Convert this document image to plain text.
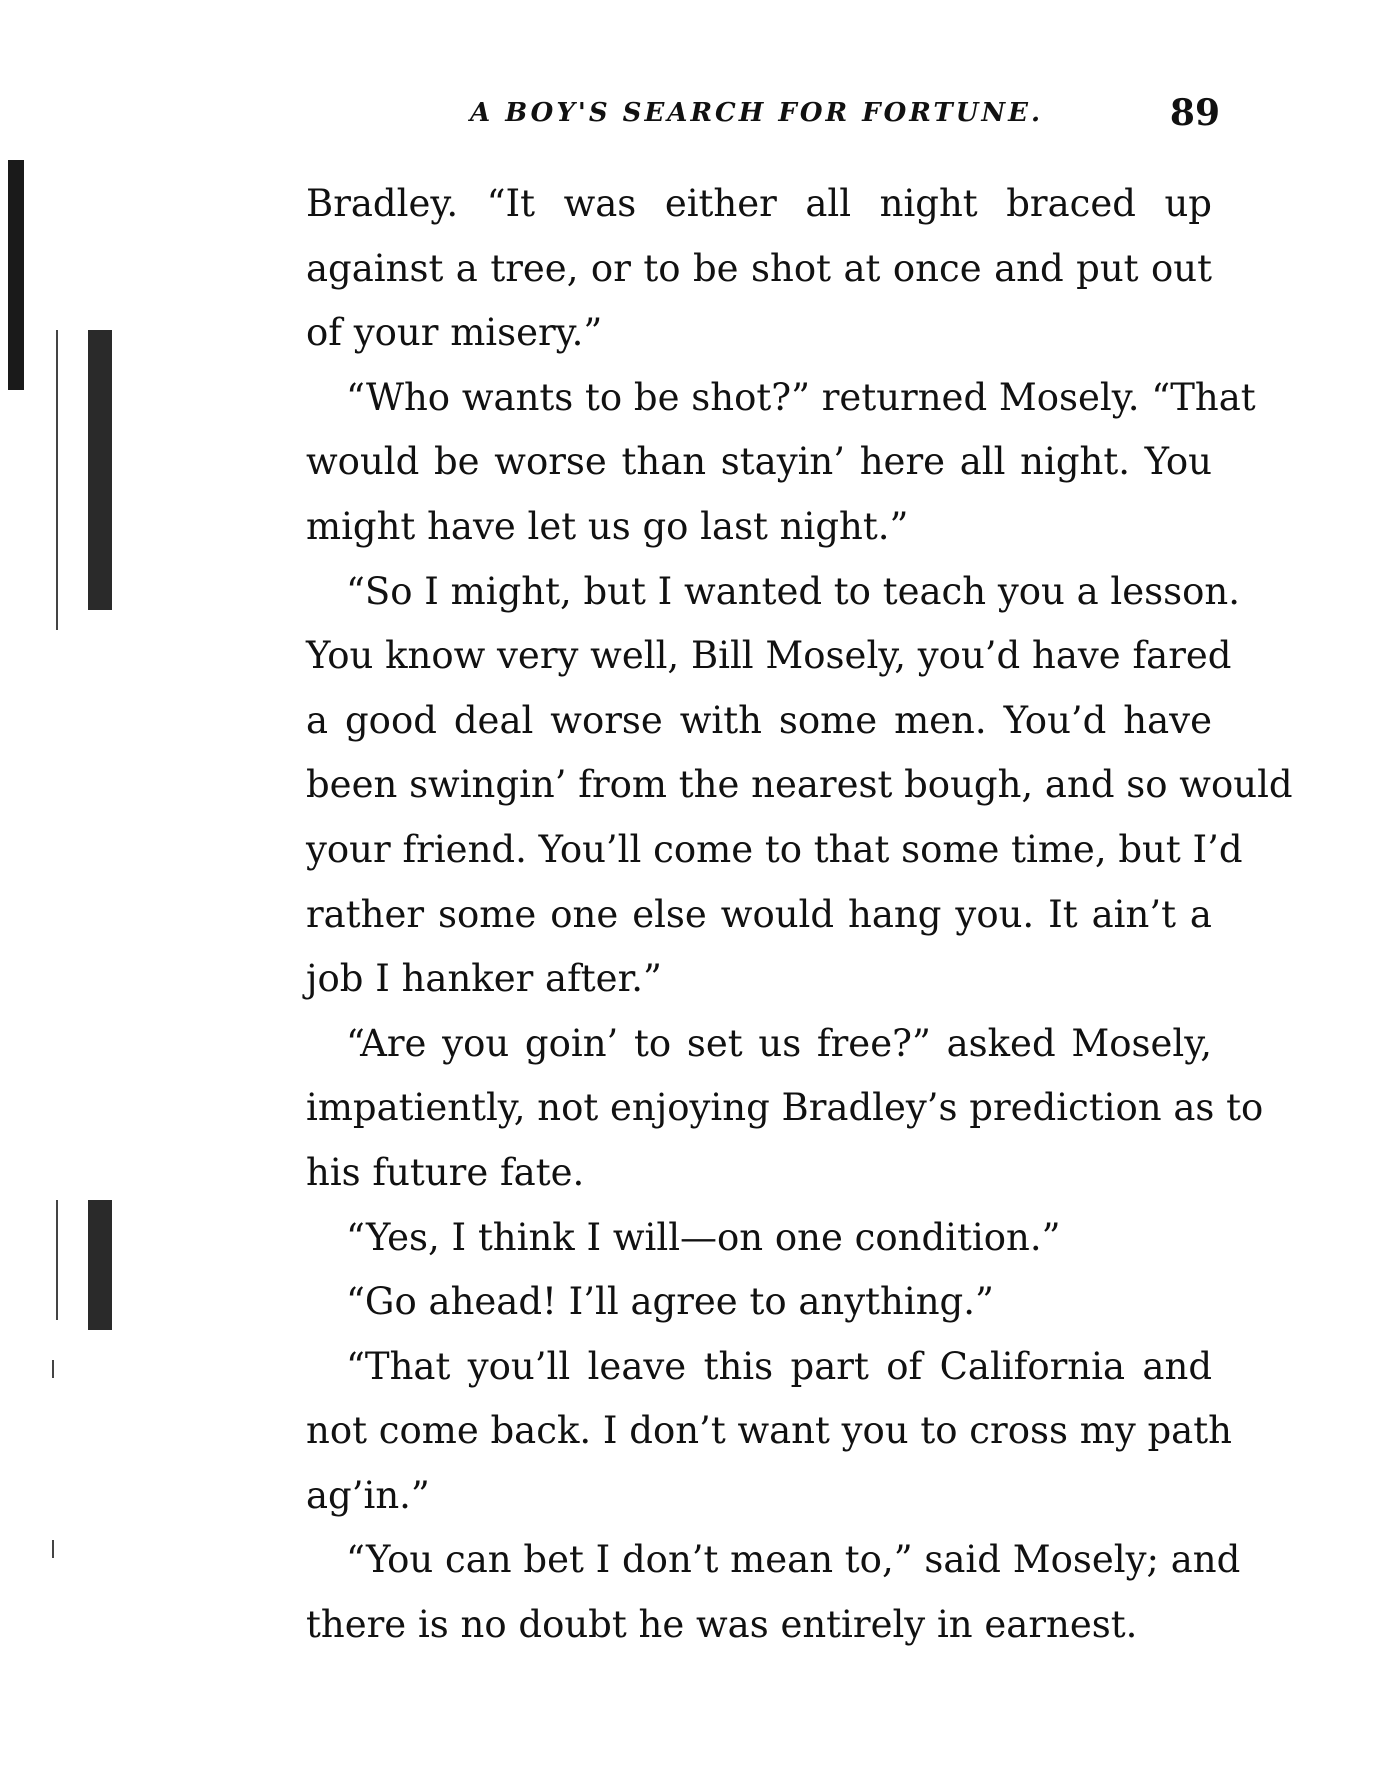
A BOY'S SEARCH FOR FORTUNE.	89
Bradley. “It was either all night braced up
against a tree, or to be shot at once and put out
of your misery.”
“Who wants to be shot?” returned Mosely. “That
would be worse than stayin’ here all night. You
might have let us go last night.”
“So I might, but I wanted to teach you a lesson.
You know very well, Bill Mosely, you’d have fared
a good deal worse with some men. You’d have
been swingin’ from the nearest bough, and so would
your friend. You’ll come to that some time, but I’d
rather some one else would hang you. It ain’t a
job I hanker after.”
“Are you goin’ to set us free?” asked Mosely,
impatiently, not enjoying Bradley’s prediction as to
his future fate.
“Yes, I think I will—on one condition.”
“Go ahead! I’ll agree to anything.”
“That you’ll leave this part of California and
not come back. I don’t want you to cross my path
ag’in.”
“You can bet I don’t mean to,” said Mosely; and
there is no doubt he was entirely in earnest.
